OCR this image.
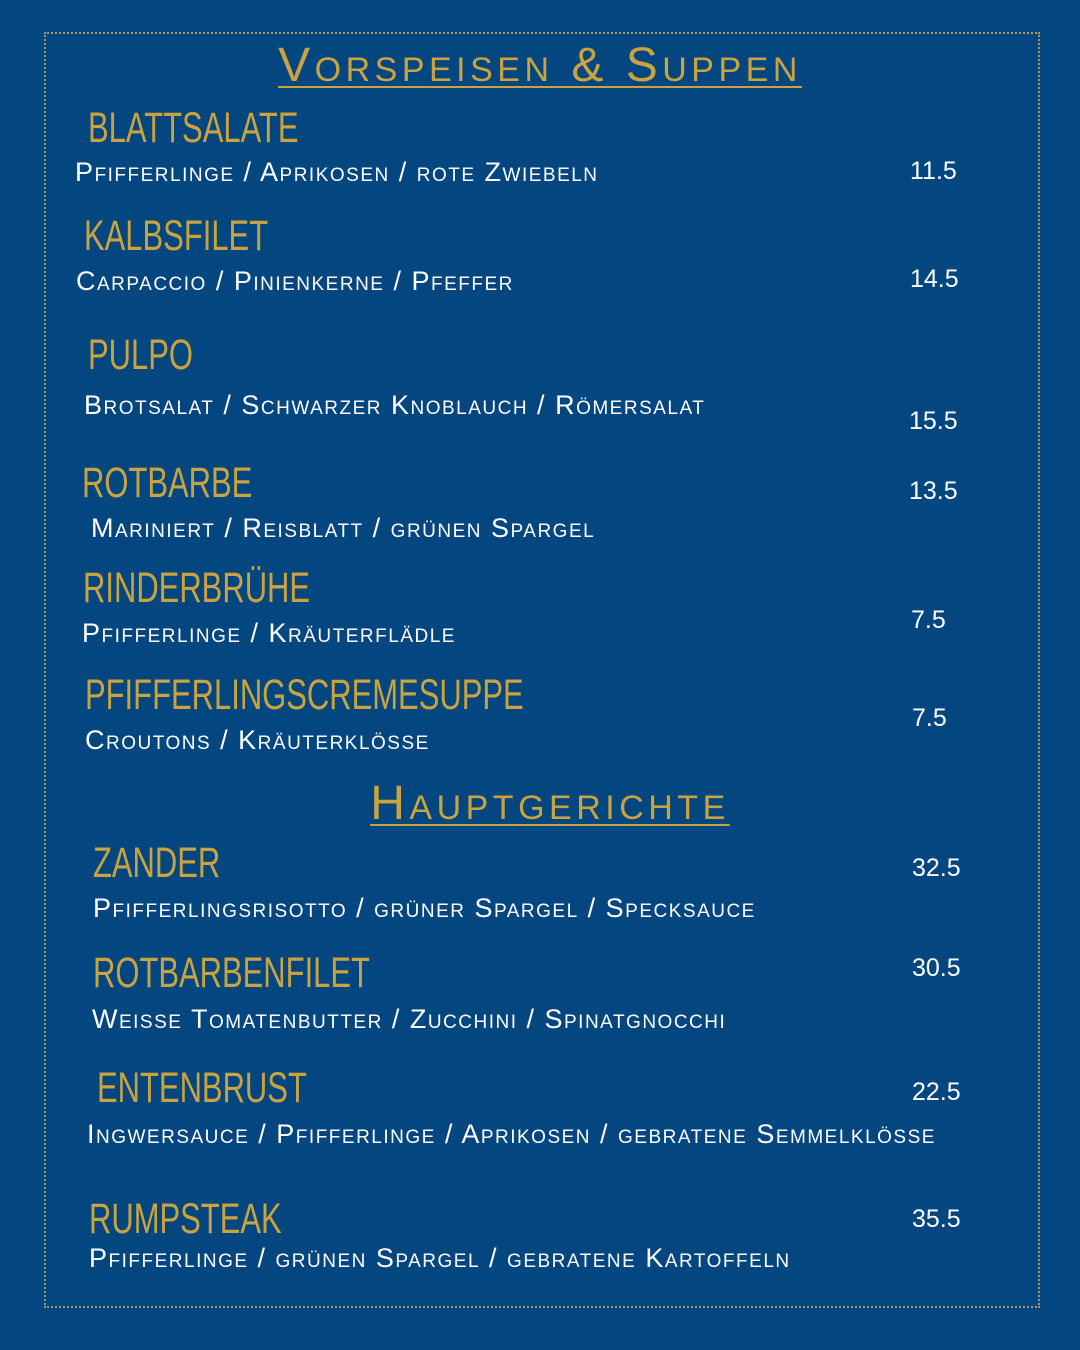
Vorspeisen & Suppen
BLATTSALATE
Pfifferlinge / Aprikosen / rote Zwiebeln	11.5
KALBSFILET
Carpaccio / Pinienkerne / Pfeffer	14.5
PULPO
Brotsalat / Schwarzer Knoblauch / Römersalat
15.5
ROTBARBE
Mariniert / Reisblatt / grünen Spargel
13.5
RINDERBRÜHE
Pfifferlinge / Kräuterflädle	7.5
PFIFFERLINGSCREMESUPPE
Croutons / Kräuterklösse
7.5
Hauptgerichte
ZANDER
Pfifferlingsrisotto / grüner Spargel / Specksauce
32.5
ROTBARBENFILET
Weisse Tomatenbutter / Zucchini / Spinatgnocchi
30.5
ENTENBRUST
Ingwersauce / Pfifferlinge / Aprikosen / gebratene Semmelklösse
22.5
RUMPSTEAK
Pfifferlinge / grünen Spargel / gebratene Kartoffeln
35.5
